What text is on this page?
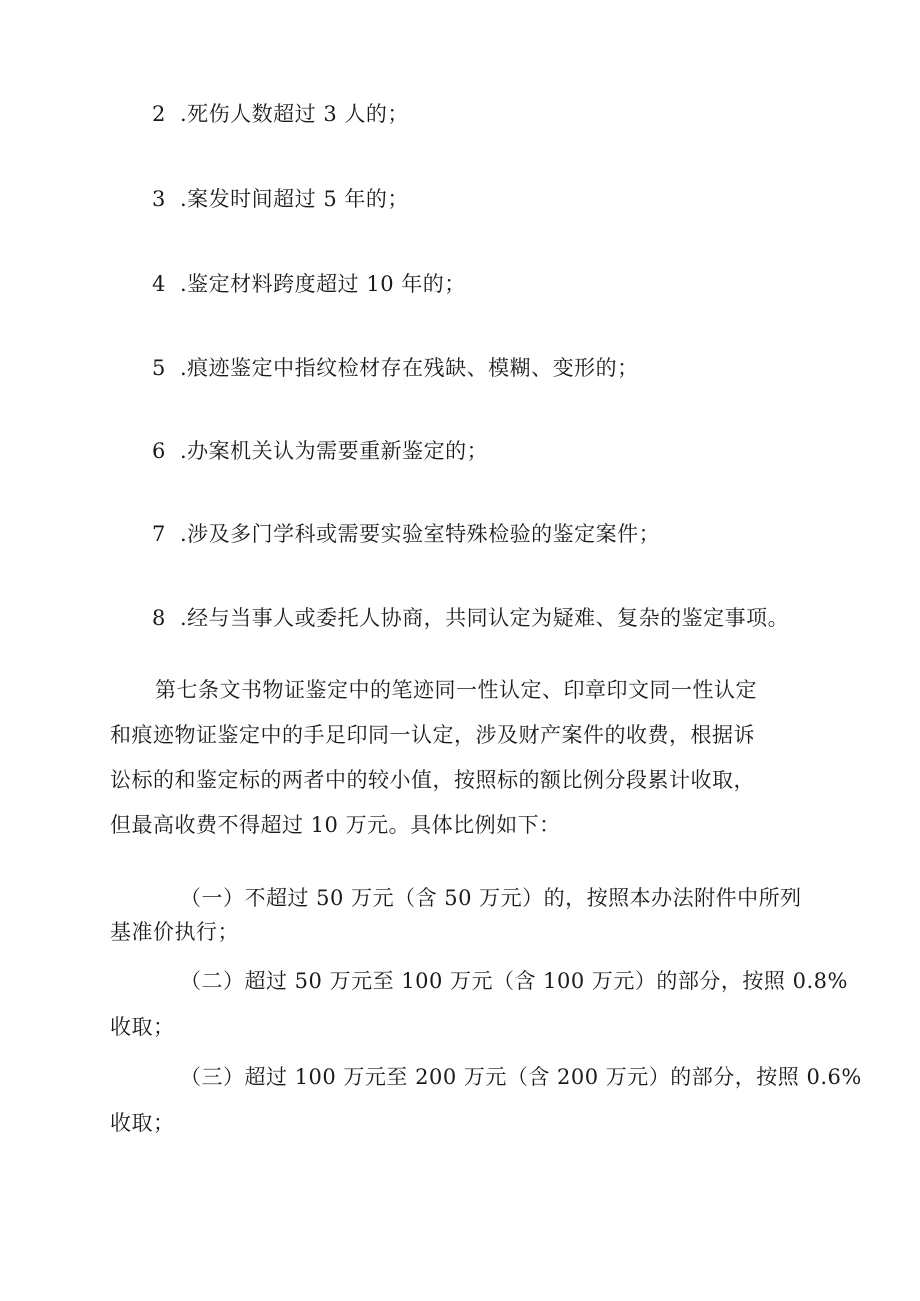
2 .死伤人数超过 3 人的；
3 .案发时间超过 5 年的；
4 .鉴定材料跨度超过 10 年的；
5 .痕迹鉴定中指纹检材存在残缺、模糊、变形的；
6 .办案机关认为需要重新鉴定的；
7 .涉及多门学科或需要实验室特殊检验的鉴定案件；
8 .经与当事人或委托人协商，共同认定为疑难、复杂的鉴定事项。
第七条文书物证鉴定中的笔迹同一性认定、印章印文同一性认定
和痕迹物证鉴定中的手足印同一认定，涉及财产案件的收费，根据诉
讼标的和鉴定标的两者中的较小值，按照标的额比例分段累计收取，
但最高收费不得超过 10 万元。具体比例如下：
（一）不超过 50 万元（含 50 万元）的，按照本办法附件中所列
基准价执行；
（二）超过 50 万元至 100 万元（含 100 万元）的部分，按照 0.8%
收取；
（三）超过 100 万元至 200 万元（含 200 万元）的部分，按照 0.6%
收取；
